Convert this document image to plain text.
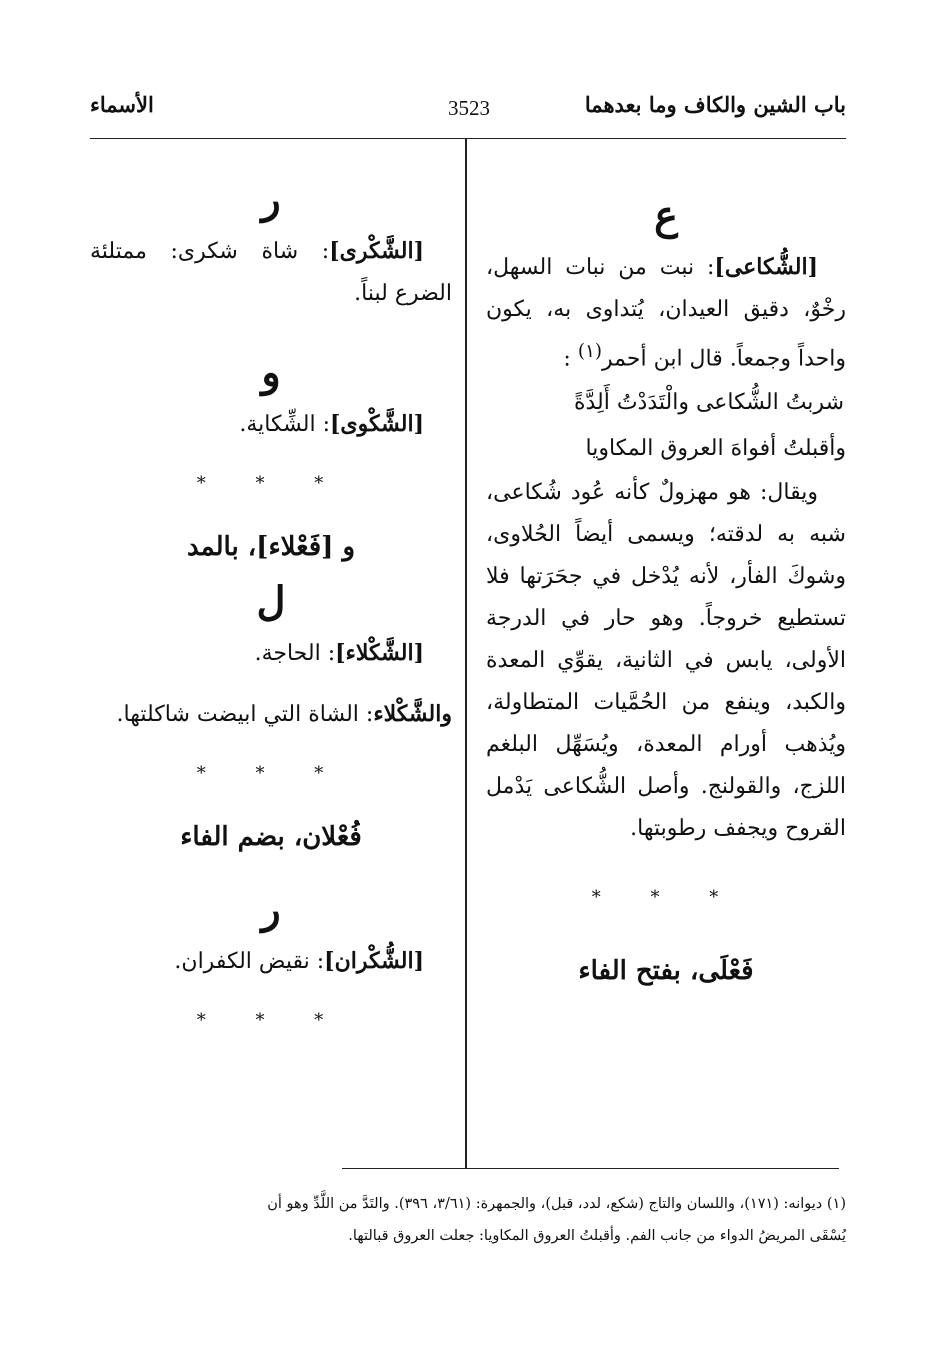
باب الشين والكاف وما بعدهما
3523
الأسماء

ع

[الشُّكاعى]: نبت من نبات السهل، رخْوٌ، دقيق العيدان، يُتداوى به، يكون واحداً وجمعاً. قال ابن أحمر$^{(١)}$ :

شربتُ الشُّكاعى والْتَدَدْتُ أَلِدَّةً

وأقبلتُ أفواهَ العروق المكاويا

ويقال: هو مهزولٌ كأنه عُود شُكاعى، شبه به لدقته؛ ويسمى أيضاً الحُلاوى، وشوكَ الفأر، لأنه يُدْخل في جحَرَتها فلا تستطيع خروجاً. وهو حار في الدرجة الأولى، يابس في الثانية، يقوِّي المعدة والكبد، وينفع من الحُمَّيات المتطاولة، ويُذهب أورام المعدة، ويُسَهِّل البلغم اللزج، والقولنج. وأصل الشُّكاعى يَدْمل القروح ويجفف رطوبتها.

* * *

فَعْلَى، بفتح الفاء

ر

[الشَّكْرى]: شاة شكرى: ممتلئة الضرع لبناً.

و

[الشَّكْوى]: الشِّكاية.

* * *

و [فَعْلاء]، بالمد

ل

[الشَّكْلاء]: الحاجة.

والشَّكْلاء: الشاة التي ابيضت شاكلتها.

* * *

فُعْلان، بضم الفاء

ر

[الشُّكْران]: نقيض الكفران.

* * *

(١) ديوانه: (١٧١)، واللسان والتاج (شكع، لدد، قبل)، والجمهرة: (٣/٦١، ٣٩٦). والتَدَّ من اللَّدِّ وهو أن

يُسْقَى المريضُ الدواء من جانب الفم. وأقبلتُ العروق المكاويا: جعلت العروق قبالتها.
